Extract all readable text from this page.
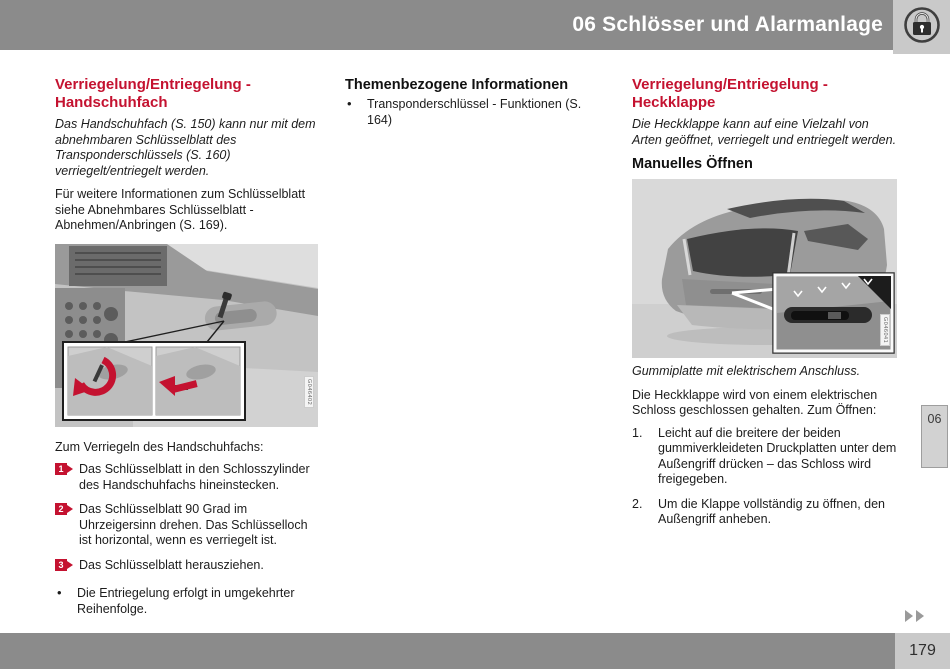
06 Schlösser und Alarmanlage
Verriegelung/Entriegelung - Handschuhfach

Das Handschuhfach (S. 150) kann nur mit dem abnehmbaren Schlüsselblatt des Transponderschlüssels (S. 160) verriegelt/entriegelt werden.

Für weitere Informationen zum Schlüsselblatt siehe Abnehmbares Schlüsselblatt - Abnehmen/Anbringen (S. 169).

G046402

Zum Verriegeln des Handschuhfachs:

1 Das Schlüsselblatt in den Schlosszylinder des Handschuhfachs hineinstecken.
2 Das Schlüsselblatt 90 Grad im Uhrzeigersinn drehen. Das Schlüsselloch ist horizontal, wenn es verriegelt ist.
3 Das Schlüsselblatt herausziehen.
• Die Entriegelung erfolgt in umgekehrter Reihenfolge.
Themenbezogene Informationen
• Transponderschlüssel - Funktionen (S. 164)
Verriegelung/Entriegelung - Heckklappe

Die Heckklappe kann auf eine Vielzahl von Arten geöffnet, verriegelt und entriegelt werden.

Manuelles Öffnen
G046041

Gummiplatte mit elektrischem Anschluss.

Die Heckklappe wird von einem elektrischen Schloss geschlossen gehalten. Zum Öffnen:

1. Leicht auf die breitere der beiden gummiverkleideten Druckplatten unter dem Außengriff drücken – das Schloss wird freigegeben.
2. Um die Klappe vollständig zu öffnen, den Außengriff anheben.
06
179
